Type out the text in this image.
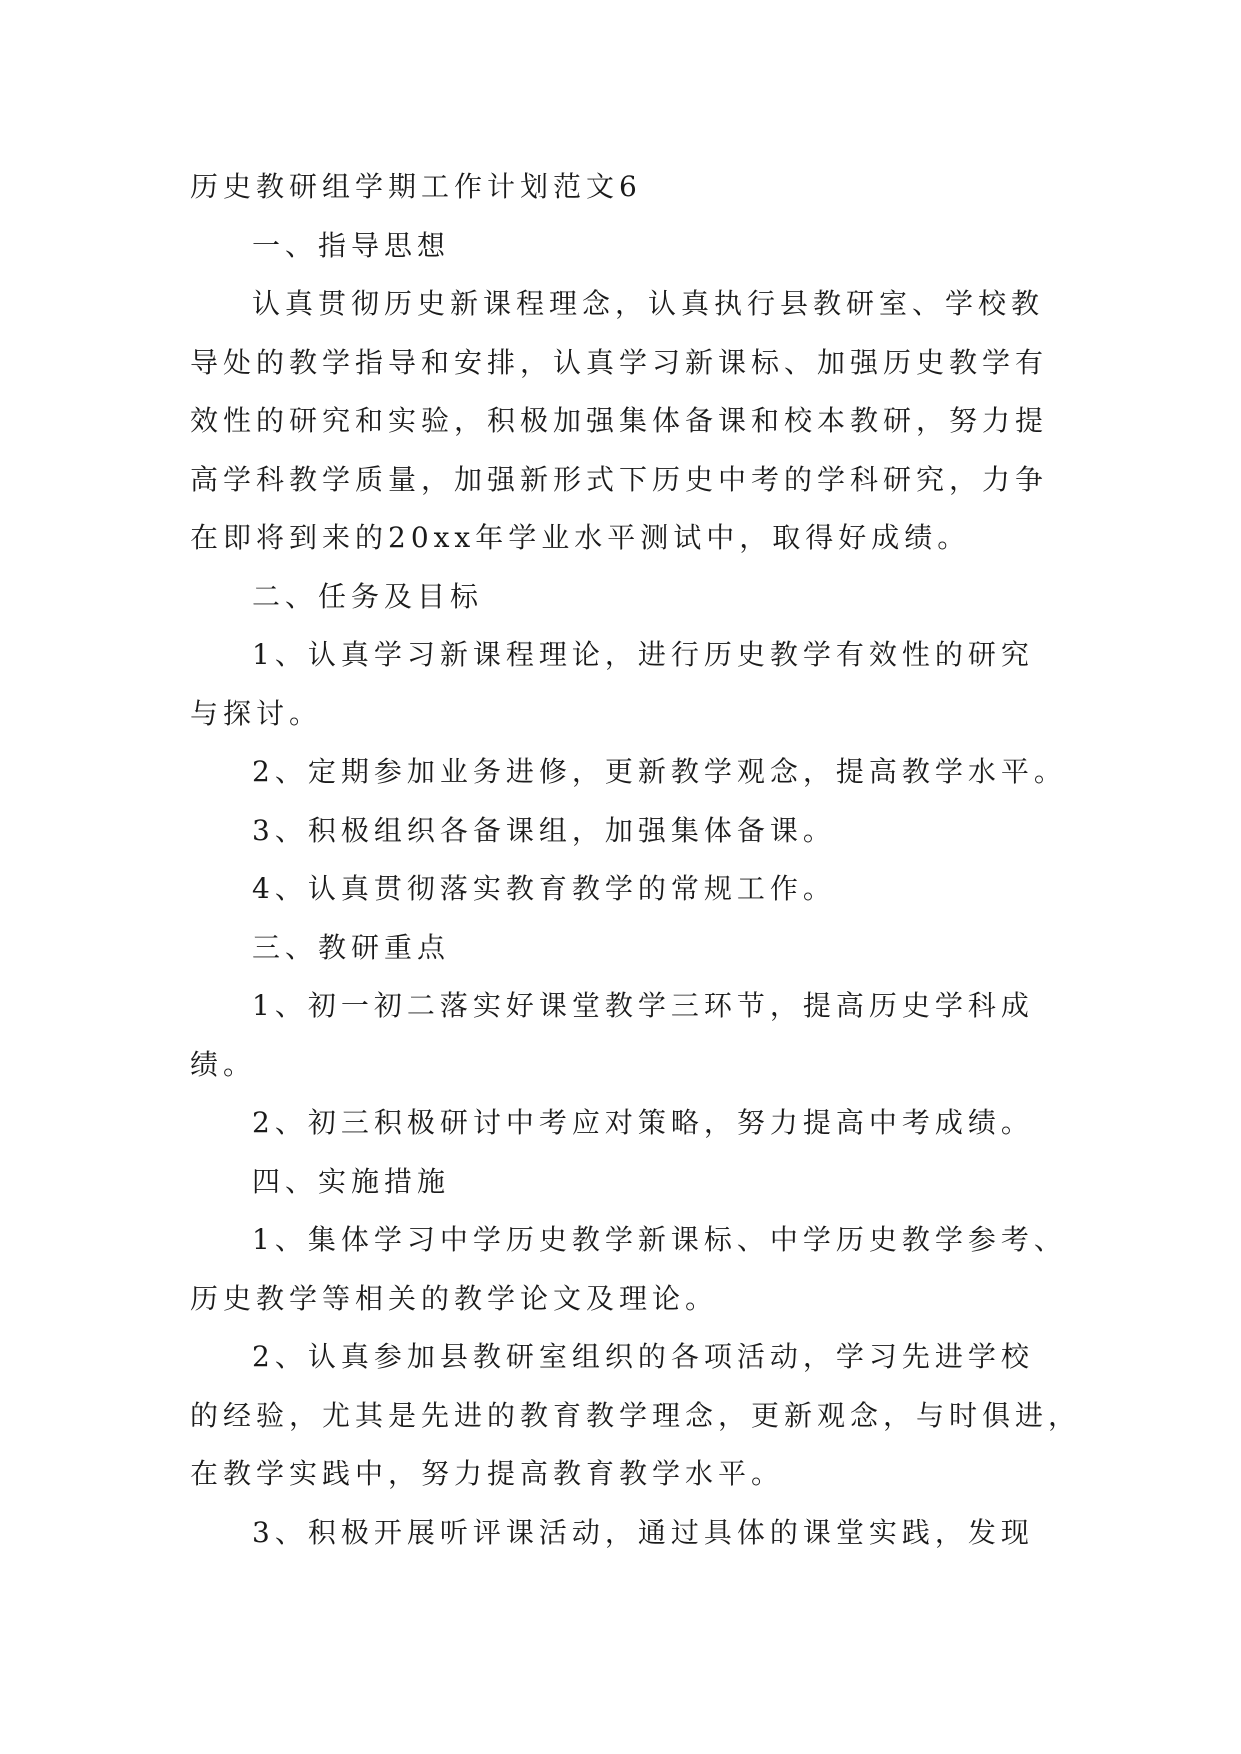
历史教研组学期工作计划范文6
一、指导思想
认真贯彻历史新课程理念，认真执行县教研室、学校教
导处的教学指导和安排，认真学习新课标、加强历史教学有
效性的研究和实验，积极加强集体备课和校本教研，努力提
高学科教学质量，加强新形式下历史中考的学科研究，力争
在即将到来的20xx年学业水平测试中，取得好成绩。
二、任务及目标
1、认真学习新课程理论，进行历史教学有效性的研究
与探讨。
2、定期参加业务进修，更新教学观念，提高教学水平。
3、积极组织各备课组，加强集体备课。
4、认真贯彻落实教育教学的常规工作。
三、教研重点
1、初一初二落实好课堂教学三环节，提高历史学科成
绩。
2、初三积极研讨中考应对策略，努力提高中考成绩。
四、实施措施
1、集体学习中学历史教学新课标、中学历史教学参考、
历史教学等相关的教学论文及理论。
2、认真参加县教研室组织的各项活动，学习先进学校
的经验，尤其是先进的教育教学理念，更新观念，与时俱进，
在教学实践中，努力提高教育教学水平。
3、积极开展听评课活动，通过具体的课堂实践，发现
